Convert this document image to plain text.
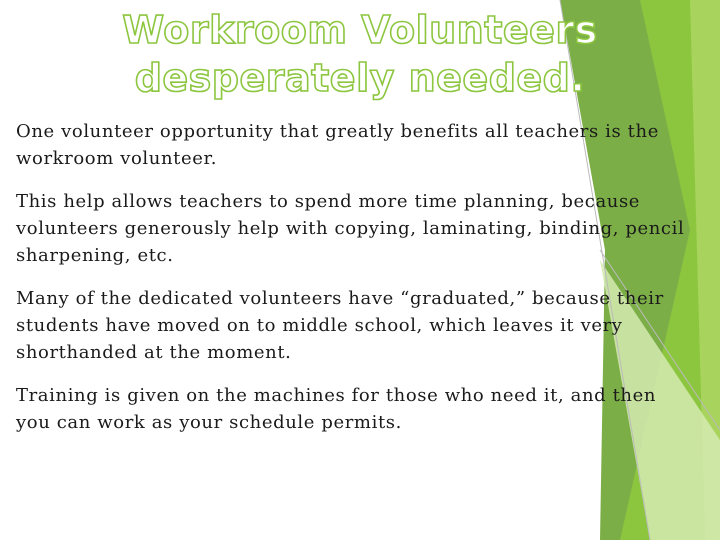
Workroom Volunteers
desperately needed.

One volunteer opportunity that greatly benefits all teachers is the workroom volunteer.

This help allows teachers to spend more time planning, because volunteers generously help with copying, laminating, binding, pencil sharpening, etc.

Many of the dedicated volunteers have “graduated,” because their students have moved on to middle school, which leaves it very shorthanded at the moment.

Training is given on the machines for those who need it, and then you can work as your schedule permits.
